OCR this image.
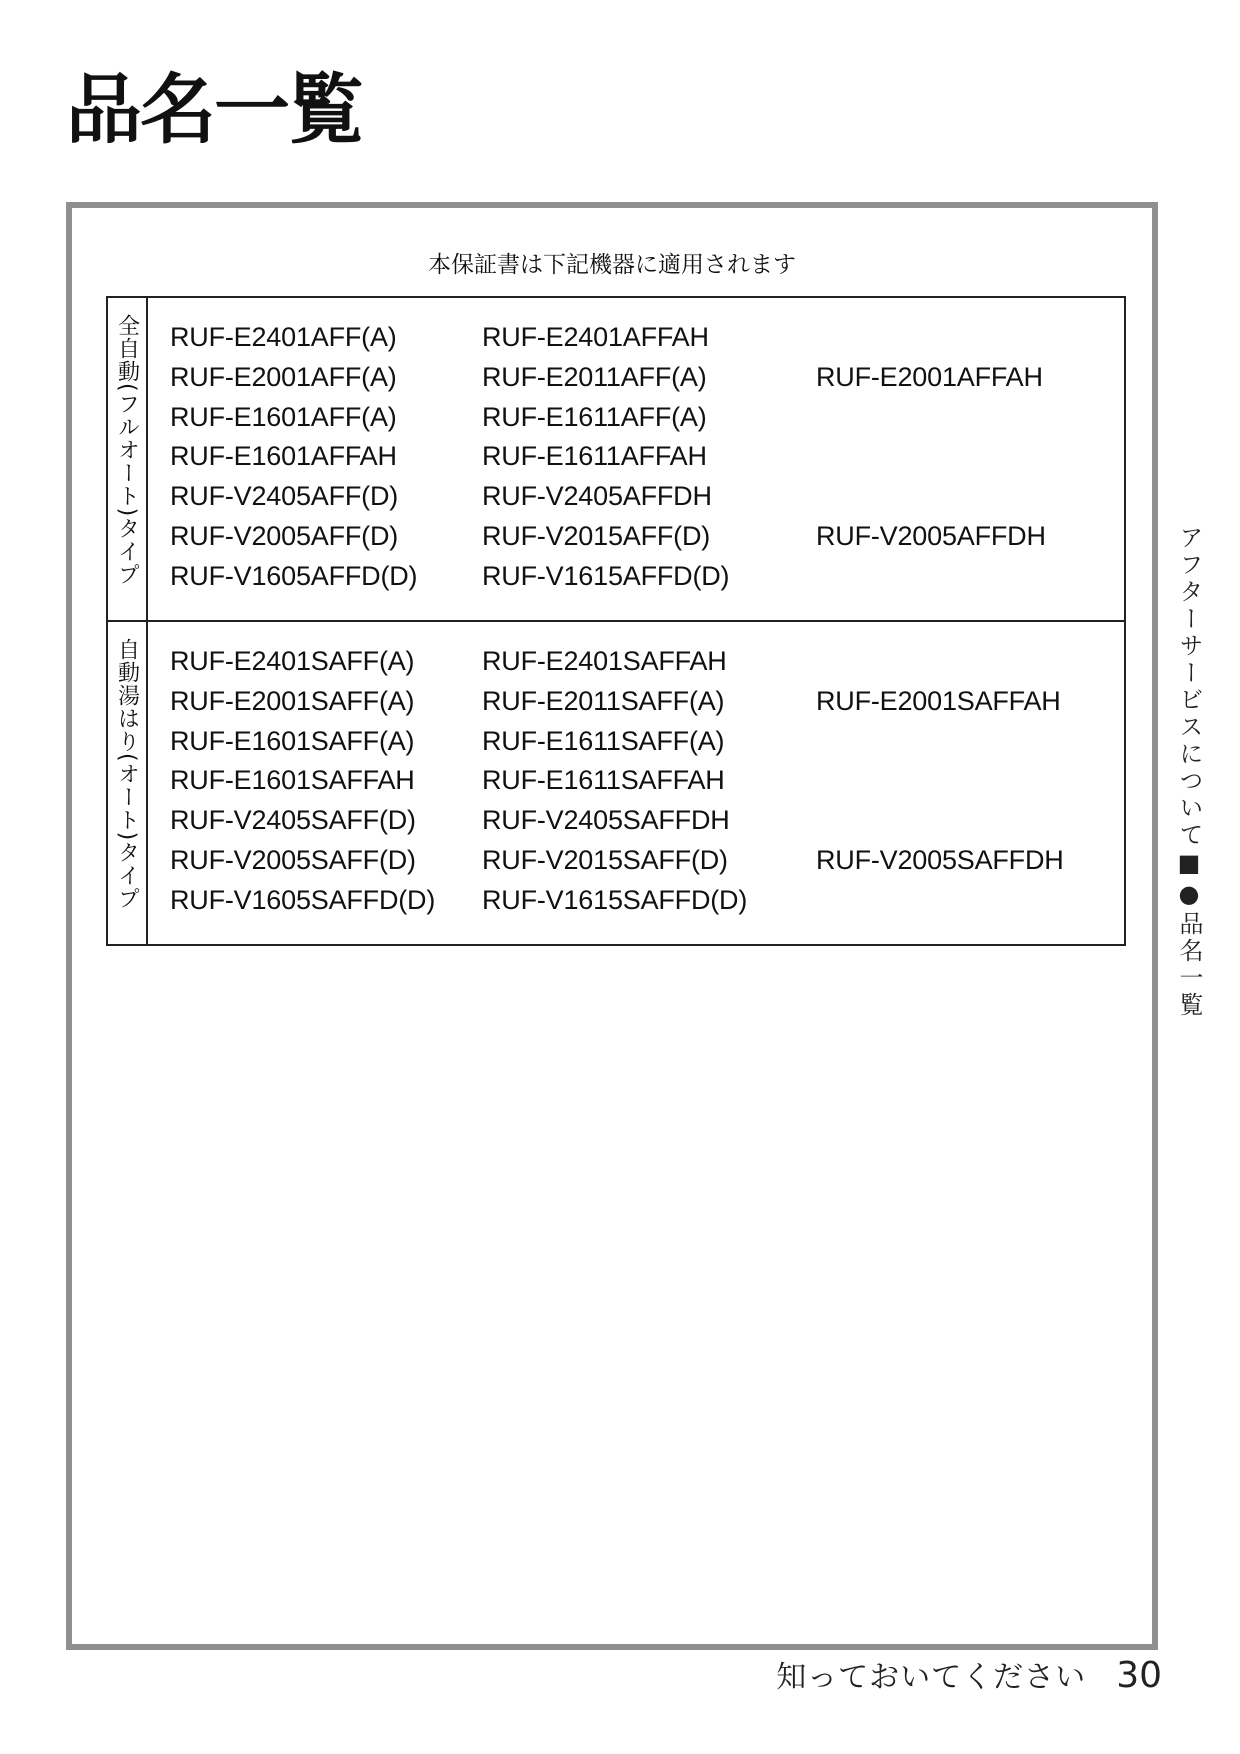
品名一覧
本保証書は下記機器に適用されます
全自動(フルオート)タイプ RUF-E2401AFF(A)
RUF-E2001AFF(A)
RUF-E1601AFF(A)
RUF-E1601AFFAH
RUF-V2405AFF(D)
RUF-V2005AFF(D)
RUF-V1605AFFD(D)
RUF-E2401AFFAH
RUF-E2011AFF(A)
RUF-E1611AFF(A)
RUF-E1611AFFAH
RUF-V2405AFFDH
RUF-V2015AFF(D)
RUF-V1615AFFD(D)
RUF-E2001AFFAH
RUF-V2005AFFDH
自動湯はり(オート)タイプ RUF-E2401SAFF(A)
RUF-E2001SAFF(A)
RUF-E1601SAFF(A)
RUF-E1601SAFFAH
RUF-V2405SAFF(D)
RUF-V2005SAFF(D)
RUF-V1605SAFFD(D)
RUF-E2401SAFFAH
RUF-E2011SAFF(A)
RUF-E1611SAFF(A)
RUF-E1611SAFFAH
RUF-V2405SAFFDH
RUF-V2015SAFF(D)
RUF-V1615SAFFD(D)
RUF-E2001SAFFAH
RUF-V2005SAFFDH	アフターサービスについて■●品名一覧
知っておいてください 30
